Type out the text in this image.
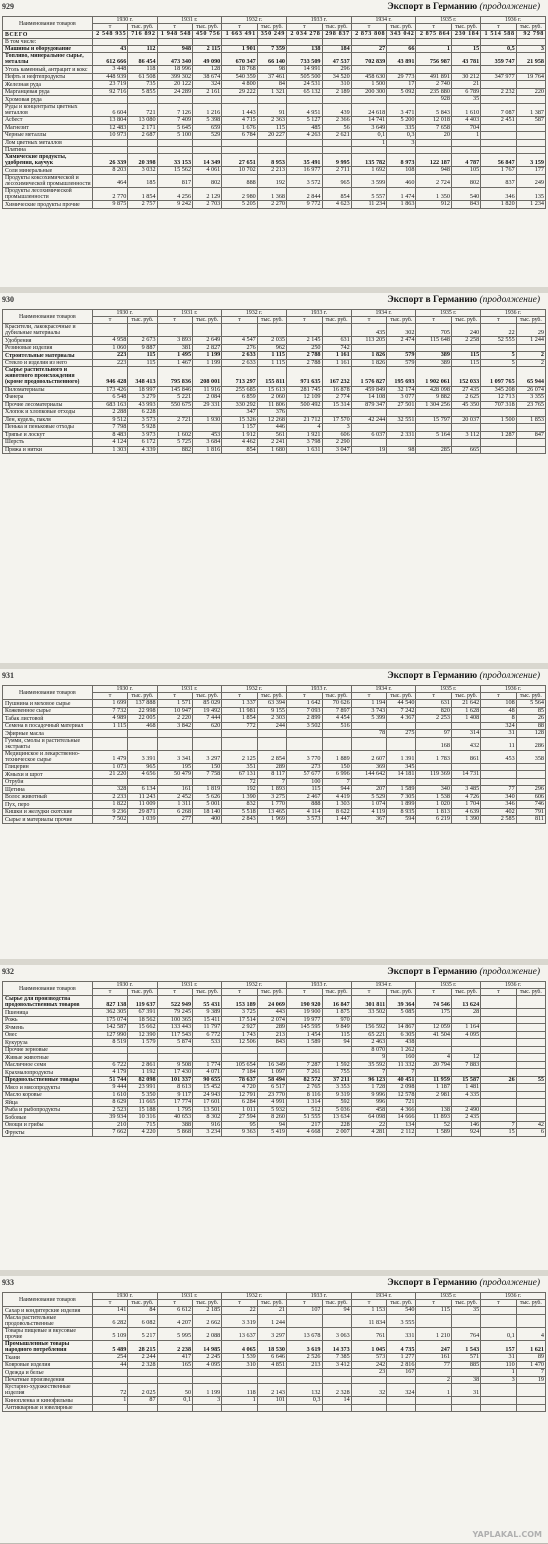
929	Экспорт в Германию (продолжение)
Наименование товаров	1930 г.		1931 г.		1932 г.		1933 г.		1934 г.		1935 г.		1936 г.	
	т	тыс. руб.	т	тыс. руб.	т	тыс. руб.	т	тыс. руб.	т	тыс. руб.	т	тыс. руб.	т	тыс. руб.
ВСЕГО	2 548 935	716 892	1 948 548	450 756	1 663 491	350 249	2 034 278	298 837	2 873 808	343 042	2 875 864	230 184	1 514 588	92 798
В том числе:														
Машины и оборудование	43	112	948	2 115	1 901	7 359	138	184	27	66	1	15	0,5	3
Топливо, минеральное сырье, металлы	612 666	86 454	473 340	49 090	670 347	66 140	733 509	47 537	702 839	43 891	756 987	43 781	359 747	21 958
Уголь каменный, антрацит и кокс	3 448	118	18 996	128	18 768	98	14 991	296						
Нефть и нефтепродукты	448 939	61 508	399 302	38 674	540 359	37 461	505 500	34 520	458 630	29 773	491 891	30 212	347 977	19 764
Железная руда	23 719	735	20 122	324	4 800	84	24 531	310	1 500	17	2 740	21		
Марганцевая руда	92 716	5 855	24 289	2 161	29 222	1 321	65 132	2 189	200 300	5 092	235 880	6 789	2 232	220
Хромовая руда											928	35		
Руды и концентраты цветных металлов	6 604	721	7 126	1 216	1 443	91	4 951	439	24 618	3 471	5 843	1 610	7 087	1 387
Асбест	13 804	13 080	7 409	5 398	4 715	2 363	5 127	2 366	14 741	5 200	12 018	4 403	2 451	587
Магнезит	12 483	2 171	5 645	659	1 676	115	485	56	3 649	335	7 658	704		
Черные металлы	10 973	2 687	5 100	529	6 784	20 227	4 263	2 621	0,1	0,3	20	1		
Лом цветных металлов									1	3				
Платина														
Химические продукты, удобрения, каучук	26 339	20 398	33 153	14 349	27 651	8 953	35 491	9 995	135 782	8 973	122 187	4 787	56 847	3 159
Соли минеральные	8 203	3 032	15 562	4 061	10 702	2 213	16 977	2 711	1 692	108	948	105	1 767	177
Продукты коксохимической и лесохимической промышленности	464	185	817	802	888	192	3 572	965	3 599	460	2 724	802	837	249
Продукты лесохимической промышленности	2 770	1 854	4 256	2 129	2 980	1 368	2 844	854	5 557	1 474	1 350	540	346	135
Химические продукты прочие	9 875	2 757	9 242	2 703	5 205	2 270	9 772	4 623	11 234	1 863	912	843	1 820	1 234
930	Экспорт в Германию (продолжение)
Наименование товаров	1930 г.		1931 г.		1932 г.		1933 г.		1934 г.		1935 г.		1936 г.	
	т	тыс. руб.	т	тыс. руб.	т	тыс. руб.	т	тыс. руб.	т	тыс. руб.	т	тыс. руб.	т	тыс. руб.
Красители, лакокрасочные и дубильные материалы									435	302	705	240	22	29
Удобрения	4 958	2 673	3 893	2 649	4 547	2 035	2 145	631	113 205	2 474	115 648	2 258	52 555	1 244
Резиновые изделия	1 060	9 887	381	2 827	276	962	250	742						
Строительные материалы	223	115	1 495	1 199	2 633	1 115	2 788	1 161	1 826	579	389	115	5	2
Стекло и изделия из него	223	115	1 467	1 199	2 633	1 115	2 788	1 161	1 826	579	389	115	5	2
Сырье растительного и животного происхождения (кроме продовольственного)	946 428	348 413	795 836	208 001	713 297	155 811	971 635	167 232	1 576 827	195 693	1 902 061	152 033	1 097 765	65 944
Пиломатериалы	173 426	18 997	145 846	11 916	255 685	15 613	281 745	16 878	459 849	32 174	428 098	27 435	345 208	26 074
Фанера	6 548	3 279	5 221	2 084	6 859	2 060	12 109	2 774	14 108	3 077	9 882	2 625	12 713	3 355
Прочие лесоматериалы	683 163	43 993	550 675	29 331	330 292	11 806	500 492	15 314	879 347	27 501	1 304 256	45 350	707 318	23 765
Хлопок и хлопковые отходы	2 288	6 228			347	376								
Лен, кудель, пакля	9 512	3 573	2 721	1 930	15 326	12 268	21 712	17 570	42 244	32 551	15 797	20 037	1 500	1 853
Пенька и пеньковые отходы	7 798	5 928			1 157	446	4	3						
Тряпье и лоскут	8 483	3 973	1 602	453	1 912	561	1 921	606	6 037	2 331	5 164	3 112	1 287	847
Шерсть	4 124	6 172	5 725	3 684	4 462	2 241	3 798	2 290						
Пряжа и нитки	1 303	4 339	882	1 816	854	1 680	1 631	3 047	19	98	285	665		
931	Экспорт в Германию (продолжение)
Наименование товаров	1930 г.		1931 г.		1932 г.		1933 г.		1934 г.		1935 г.		1936 г.	
	т	тыс. руб.	т	тыс. руб.	т	тыс. руб.	т	тыс. руб.	т	тыс. руб.	т	тыс. руб.	т	тыс. руб.
Пушнина и меховое сырье	1 699	137 888	1 571	85 029	1 337	63 394	1 642	70 626	1 194	44 540	631	21 642	108	5 564
Кожевенное сырье	7 732	22 998	10 947	19 492	11 981	9 155	7 093	7 897	3 743	7 242	820	1 628	48	85
Табак листовой	4 989	22 005	2 220	7 444	1 854	2 303	2 899	4 454	5 399	4 367	2 253	1 408	8	26
Семена в посадочный материал	1 115	468	3 842	620	772	244	3 502	516					324	88
Эфирные масла									78	275	97	314	31	128
Гумми, смолы и растительные экстракты											168	432	11	286
Медицинское и лекарственно-техническое сырье	1 479	3 391	3 341	3 297	2 125	2 854	3 770	1 889	2 607	1 391	1 783	861	453	358
Глицерин	1 073	965	195	150	351	289	273	150	369	345				
Жмыхи и шрот	21 220	4 656	50 479	7 758	67 131	8 117	57 677	6 996	144 642	14 181	119 369	14 731		
Отруби					72	7	100	7						
Щетина	328	6 134	161	1 819	192	1 893	115	944	207	1 589	340	3 485	77	296
Волос животный	2 233	11 243	2 452	5 626	1 390	3 275	2 467	4 419	5 529	7 305	1 538	4 726	340	606
Пух, перо	1 822	11 009	1 311	5 001	832	1 770	888	1 303	1 074	1 899	1 020	1 704	346	746
Кишки и желудки скотские	9 236	29 871	6 268	18 140	5 518	13 465	4 114	8 622	4 119	8 935	1 813	4 639	402	791
Сырье и материалы прочие	7 502	1 039	277	400	2 843	1 969	3 573	1 447	367	594	6 219	1 390	2 585	811
932	Экспорт в Германию (продолжение)
Наименование товаров	1930 г.		1931 г.		1932 г.		1933 г.		1934 г.		1935 г.		1936 г.	
	т	тыс. руб.	т	тыс. руб.	т	тыс. руб.	т	тыс. руб.	т	тыс. руб.	т	тыс. руб.	т	тыс. руб.
Сырье для производства продовольственных товаров	827 138	119 637	522 949	55 431	153 189	24 069	190 920	16 847	301 811	39 364	74 546	13 624		
Пшеница	362 305	67 391	79 245	9 389	3 725	443	19 900	1 875	33 502	5 085	175	28		
Рожь	175 074	18 562	100 365	15 411	17 514	2 074	19 977	970						
Ячмень	142 587	15 662	133 443	11 797	2 927	289	145 595	9 849	156 592	14 867	12 059	1 164		
Овес	127 990	12 390	117 543	6 772	1 743	213	1 454	115	65 221	6 305	41 504	4 095		
Кукуруза	8 519	1 579	5 874	533	12 506	843	1 589	94	2 463	438				
Прочие зерновые									8 070	1 262				
Живые животные									9	160	4	12		
Масличное семя	6 722	2 861	9 508	1 774	105 654	16 349	7 287	1 592	35 592	11 332	20 794	7 883		
Крахмалопродукты	4 179	1 192	17 430	4 071	7 184	1 097	7 261	755	7	7				
Продовольственные товары	51 744	82 098	101 337	90 655	78 637	58 494	82 572	37 211	96 123	40 451	11 959	15 587	26	55
Мясо и мясопродукты	9 444	23 991	8 613	15 452	4 720	6 517	2 765	3 353	1 728	2 098	1 187	1 481		
Масло коровье	1 610	5 350	9 117	24 943	12 791	23 770	8 116	9 319	9 996	12 578	2 981	4 335		
Яйца	8 629	11 665	17 774	17 601	6 284	4 991	1 314	592	996	721				
Рыба и рыбопродукты	2 523	15 188	1 795	13 501	1 011	5 932	512	5 036	458	4 366	138	2 490		
Бобовые	39 934	10 316	40 653	8 302	27 594	8 260	51 555	13 634	64 098	14 666	11 893	2 435		
Овощи и грибы	210	715	388	916	95	94	217	228	22	134	52	146	7	42
Фрукты	7 662	4 220	5 868	3 234	9 363	5 419	4 668	2 007	4 281	2 112	1 589	924	15	6
933	Экспорт в Германию (продолжение)
Наименование товаров	1930 г.		1931 г.		1932 г.		1933 г.		1934 г.		1935 г.		1936 г.	
	т	тыс. руб.	т	тыс. руб.	т	тыс. руб.	т	тыс. руб.	т	тыс. руб.	т	тыс. руб.	т	тыс. руб.
Сахар и кондитерские изделия	141	84	6 612	2 185	22	21	107	94	1 153	540	115	35		
Масла растительные продовольственные	6 282	6 082	4 207	2 662	3 319	1 244			11 834	3 555				
Товары пищевые и вкусовые прочие	5 109	5 217	5 995	2 088	13 637	3 297	13 678	3 063	761	331	1 210	764	0,1	4
Промышленные товары народного потребления	5 489	28 215	2 238	14 985	4 065	18 530	3 619	14 373	1 045	4 735	247	1 543	157	1 621
Ткани	254	2 244	417	2 245	1 539	6 646	2 526	7 385	573	1 277	161	571	31	89
Ковровые изделия	44	2 328	165	4 095	310	4 851	213	3 412	242	2 816	77	885	110	1 470
Одежда и белье									23	167			1	7
Печатные произведения											2	38	3	19
Кустарно-художественные изделия	72	2 025	50	1 199	118	2 143	132	2 328	32	324	1	31		
Кинопленка и кинофильмы	1	87	0,1	3	1	101	0,3	14						
Антикварные и ювелирные														
YAPLAKAL.COM
